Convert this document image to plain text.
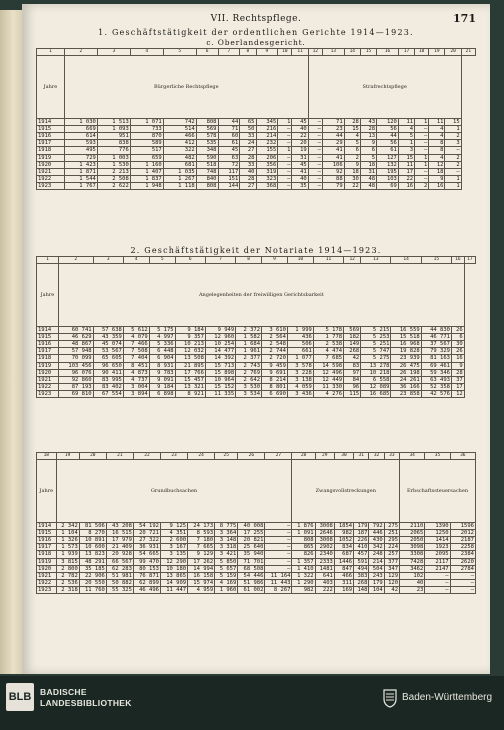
VII. Rechtspflege.	171
1. Geschäftstätigkeit der ordentlichen Gerichte 1914—1923.
c. Oberlandesgericht.
1	2	3	4	5	6	7	8	9	10	11	12	13	14	15	16	17	18	19	20	21
Jahre	Bürgerliche Rechtspflege										Strafrechtspflege									
1914	1 030	1 513	1 071	742	808	44	65	345	1	45	—	71	28	43	120	11	1	11	15	
1915	669	1 093	733	514	569	71	50	216	—	40	—	23	15	28	56	4	—	4	1	
1916	614	951	870	466	578	60	33	214	—	22	—	44	4	13	44	5	—	4	2	
1917	593	838	589	412	535	61	24	232	—	20	—	29	5	9	56	1	—	8	3	
1918	495	776	517	322	348	45	27	155	1	19	—	41	6	6	61	3	—	8	—	
1919	729	1 003	659	482	590	63	28	206	—	31	—	41	2	5	127	15	1	4	2	
1920	1 423	1 530	1 160	681	518	72	33	356	—	45	—	106	9	18	132	11	1	12	2	
1921	1 871	2 213	1 407	1 035	748	117	40	319	—	41	—	92	18	31	195	17	—	18	—	
1922	1 544	2 508	1 837	1 267	840	151	28	323	—	40	—	88	30	48	103	22	—	9	1	
1923	1 767	2 622	1 948	1 118	808	144	27	368	—	35	—	79	22	48	69	16	2	16	1	
2. Geschäftstätigkeit der Notariate 1914—1923.
1	2	3	4	5	6	7	8	9	10	11	12	13	14	15	16	17
Jahre	Angelegenheiten der freiwilligen Gerichtsbarkeit															
1914	60 741	57 638	5 612	5 175	9 184	9 949	2 372	3 610	1 999	5 178	569	5 215	16 559	44 830	26	
1915	46 629	43 359	4 079	4 997	9 357	12 960	1 582	2 564	436	1 778	182	5 253	15 518	46 771	6	
1916	48 867	45 074	7 466	5 336	10 213	10 254	1 684	2 548	506	2 538	149	5 251	16 968	37 567	30	
1917	57 948	53 567	7 508	6 448	12 032	14 477	1 961	2 744	661	4 474	268	5 747	19 828	79 329	26	
1918	70 099	65 605	7 404	6 904	13 508	14 392	2 377	2 720	1 077	7 685	42	5 275	23 939	81 163	16	
1919	103 456	96 650	8 451	8 931	21 895	15 713	2 743	9 459	3 578	14 598	83	13 278	26 475	69 461	9	
1920	96 076	90 411	4 873	9 783	17 766	15 898	2 769	9 691	3 228	12 496	97	10 218	26 198	59 346	28	
1921	92 860	83 995	4 737	9 091	15 457	10 964	2 642	8 214	3 138	12 449	84	6 558	24 261	63 493	37	
1922	87 193	83 402	3 004	9 184	13 321	15 152	3 530	8 801	4 059	11 330	96	12 089	36 166	52 358	17	
1923	69 810	67 554	3 894	6 898	8 921	11 335	3 534	6 690	3 436	4 276	115	16 685	23 858	42 576	12	
18	19	20	21	22	23	24	25	26	27	28	29	30	31	32	33	34	35	36
Jahre	Grundbuchsachen									Zwangsvollstreckungen						Erbschaftssteuersachen		
1914	2 342	81 506	43 208	54 192	9 125	24 173	8 775	40 008	—	1 876	3008	1854	179	792	275	2110	1390	1596
1915	1 104	8 270	16 515	20 721	4 351	8 593	3 364	17 255	—	1 091	2646	982	187	446	251	2065	1250	2012
1916	1 326	10 891	17 979	27 322	2 600	7 180	3 148	20 821	—	808	3008	1052	226	430	295	2050	1414	2187
1917	1 573	10 600	21 409	36 931	3 167	7 665	3 318	25 640	—	865	2902	834	410	342	224	3098	1923	2258
1918	1 939	13 823	20 928	54 665	3 135	9 129	3 421	35 940	—	826	2340	687	457	248	257	3308	2095	2384
1919	3 815	48 291	66 567	99 470	12 290	17 262	5 850	71 701	—	1 357	2333	1446	591	214	377	7428	2117	2620
1920	2 800	35 185	62 283	80 153	10 180	14 994	5 657	68 508	—	1 410	1481	847	494	504	347	3462	2147	2784
1921	2 782	22 906	51 981	76 871	13 865	16 158	5 159	54 446	11 164	1 322	641	466	383	243	129	102	—	—
1922	2 536	20 550	50 882	62 899	14 909	15 974	4 169	51 986	11 443	1 290	403	311	268	179	120	40	—	—
1923	2 318	11 760	55 325	46 496	11 447	4 959	1 960	61 002	8 267	982	222	169	148	104	42	23	—	—
BLB	BADISCHE
LANDESBIBLIOTHEK	Baden-Württemberg
